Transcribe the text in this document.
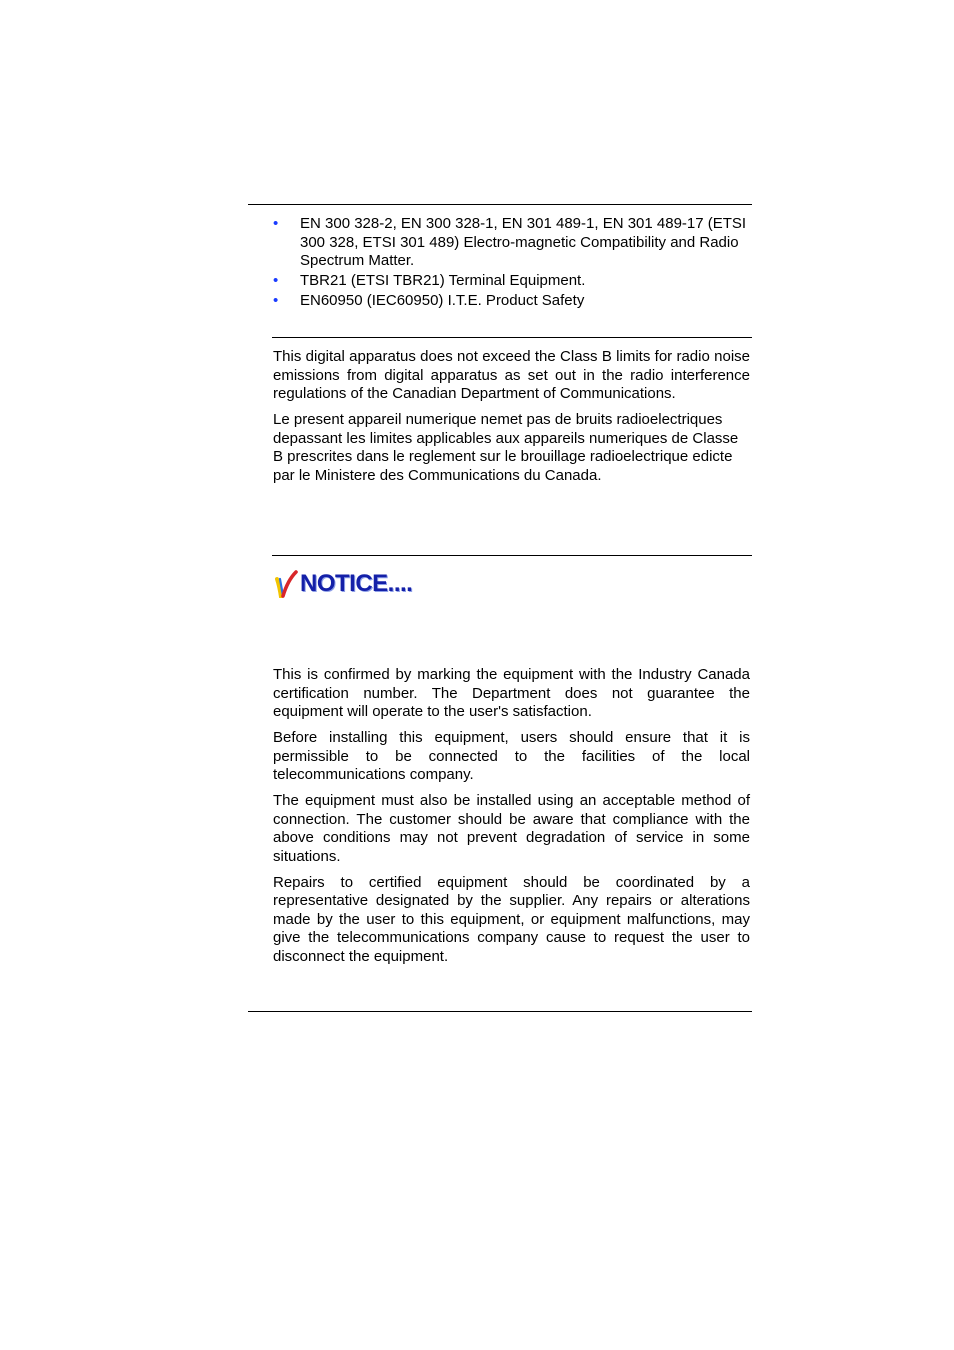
• EN 300 328-2, EN 300 328-1, EN 301 489-1, EN 301 489-17 (ETSI 300 328, ETSI 301 489) Electro-magnetic Compatibility and Radio Spectrum Matter.
• TBR21 (ETSI TBR21) Terminal Equipment.
• EN60950 (IEC60950) I.T.E. Product Safety

This digital apparatus does not exceed the Class B limits for radio noise emissions from digital apparatus as set out in the radio interference regulations of the Canadian Department of Communications.

Le present appareil numerique nemet pas de bruits radioelectriques depassant les limites applicables aux appareils numeriques de Classe B prescrites dans le reglement sur le brouillage radioelectrique edicte par le Ministere des Communications du Canada.

NOTICE....

This is confirmed by marking the equipment with the Industry Canada certification number. The Department does not guarantee the equipment will operate to the user's satisfaction.

Before installing this equipment, users should ensure that it is permissible to be connected to the facilities of the local telecommunications company.

The equipment must also be installed using an acceptable method of connection. The customer should be aware that compliance with the above conditions may not prevent degradation of service in some situations.

Repairs to certified equipment should be coordinated by a representative designated by the supplier. Any repairs or alterations made by the user to this equipment, or equipment malfunctions, may give the telecommunications company cause to request the user to disconnect the equipment.
